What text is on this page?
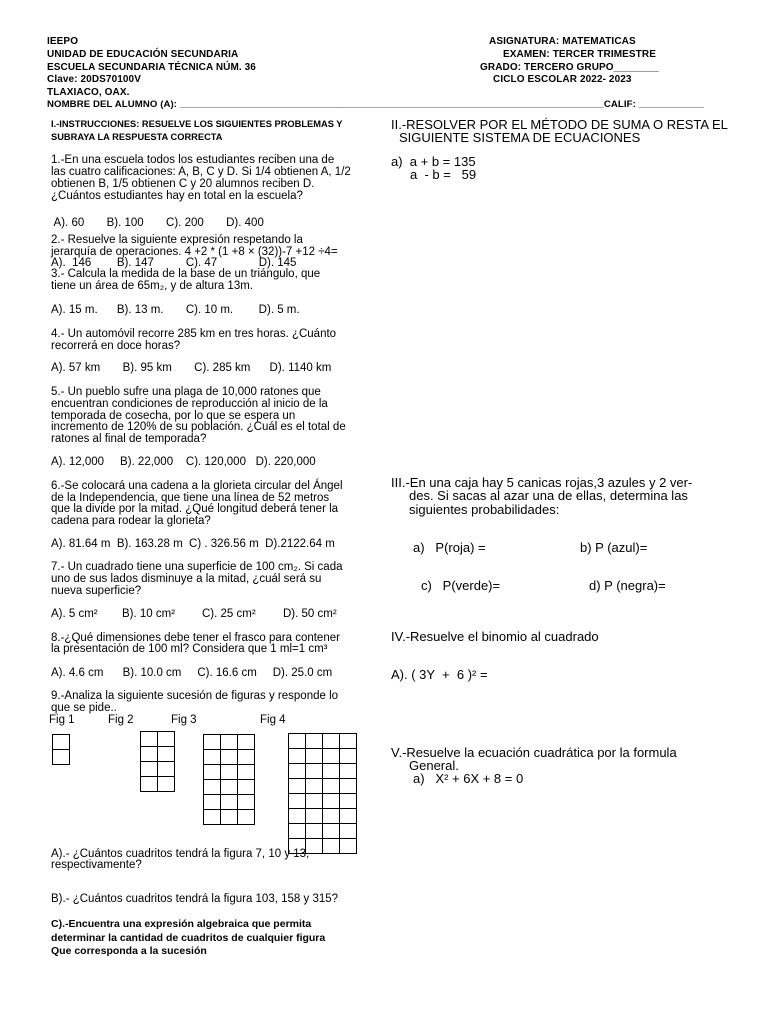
IEEPO
UNIDAD DE EDUCACIÓN SECUNDARIA
ESCUELA SECUNDARIA TÉCNICA NÚM. 36
Clave: 20DS70100V
TLAXIACO, OAX.
ASIGNATURA: MATEMATICAS
EXAMEN: TERCER TRIMESTRE
GRADO: TERCERO GRUPO________
CICLO ESCOLAR 2022- 2023
NOMBRE DEL ALUMNO (A): ______________________________________________________________________________CALIF: ____________
I.-INSTRUCCIONES: RESUELVE LOS SIGUIENTES PROBLEMAS Y
SUBRAYA LA RESPUESTA CORRECTA
1.-En una escuela todos los estudiantes reciben una de
las cuatro calificaciones: A, B, C y D. Si 1/4 obtienen A, 1/2
obtienen B, 1/5 obtienen C y 20 alumnos reciben D.
¿Cuántos estudiantes hay en total en la escuela?
A). 60       B). 100       C). 200       D). 400
2.- Resuelve la siguiente expresión respetando la
jerarquía de operaciones. 4 +2 * (1 +8 × (32))-7 +12 ÷4=
A).  146        B). 147          C). 47             D). 145
3.- Calcula la medida de la base de un triángulo, que
tiene un área de 65m₂, y de altura 13m.
A). 15 m.      B). 13 m.       C). 10 m.        D). 5 m.
4.- Un automóvil recorre 285 km en tres horas. ¿Cuánto
recorrerá en doce horas?
A). 57 km       B). 95 km       C). 285 km      D). 1140 km
5.- Un pueblo sufre una plaga de 10,000 ratones que
encuentran condiciones de reproducción al inicio de la
temporada de cosecha, por lo que se espera un
incremento de 120% de su población. ¿Cuál es el total de
ratones al final de temporada?
A). 12,000     B). 22,000    C). 120,000   D). 220,000
6.-Se colocará una cadena a la glorieta circular del Ángel
de la Independencia, que tiene una línea de 52 metros
que la divide por la mitad. ¿Qué longitud deberá tener la
cadena para rodear la glorieta?
A). 81.64 m  B). 163.28 m  C) . 326.56 m  D).2122.64 m
7.- Un cuadrado tiene una superficie de 100 cm₂. Si cada
uno de sus lados disminuye a la mitad, ¿cuál será su
nueva superficie?
A). 5 cm² B). 10 cm² C). 25 cm² D). 50 cm²
8.-¿Qué dimensiones debe tener el frasco para contener
la presentación de 100 ml? Considera que 1 ml=1 cm³
A). 4.6 cm      B). 10.0 cm     C). 16.6 cm     D). 25.0 cm
9.-Analiza la siguiente sucesión de figuras y responde lo
que se pide..
Fig 1	Fig 2	Fig 3	Fig 4

A).- ¿Cuántos cuadritos tendrá la figura 7, 10 y 13,
respectivamente?
B).- ¿Cuántos cuadritos tendrá la figura 103, 158 y 315?
C).-Encuentra una expresión algebraica que permita
determinar la cantidad de cuadritos de cualquier figura
Que corresponda a la sucesión
II.-RESOLVER POR EL MÉTODO DE SUMA O RESTA EL
SIGUIENTE SISTEMA DE ECUACIONES
a)  a + b = 135
a  - b =   59
III.-En una caja hay 5 canicas rojas,3 azules y 2 ver-
des. Si sacas al azar una de ellas, determina las
siguientes probabilidades:
a)   P(roja) =	b) P (azul)=
c)   P(verde)=	d) P (negra)=
IV.-Resuelve el binomio al cuadrado
A). ( 3Y  +  6 )² =
V.-Resuelve la ecuación cuadrática por la formula
General.
a)   X² + 6X + 8 = 0
